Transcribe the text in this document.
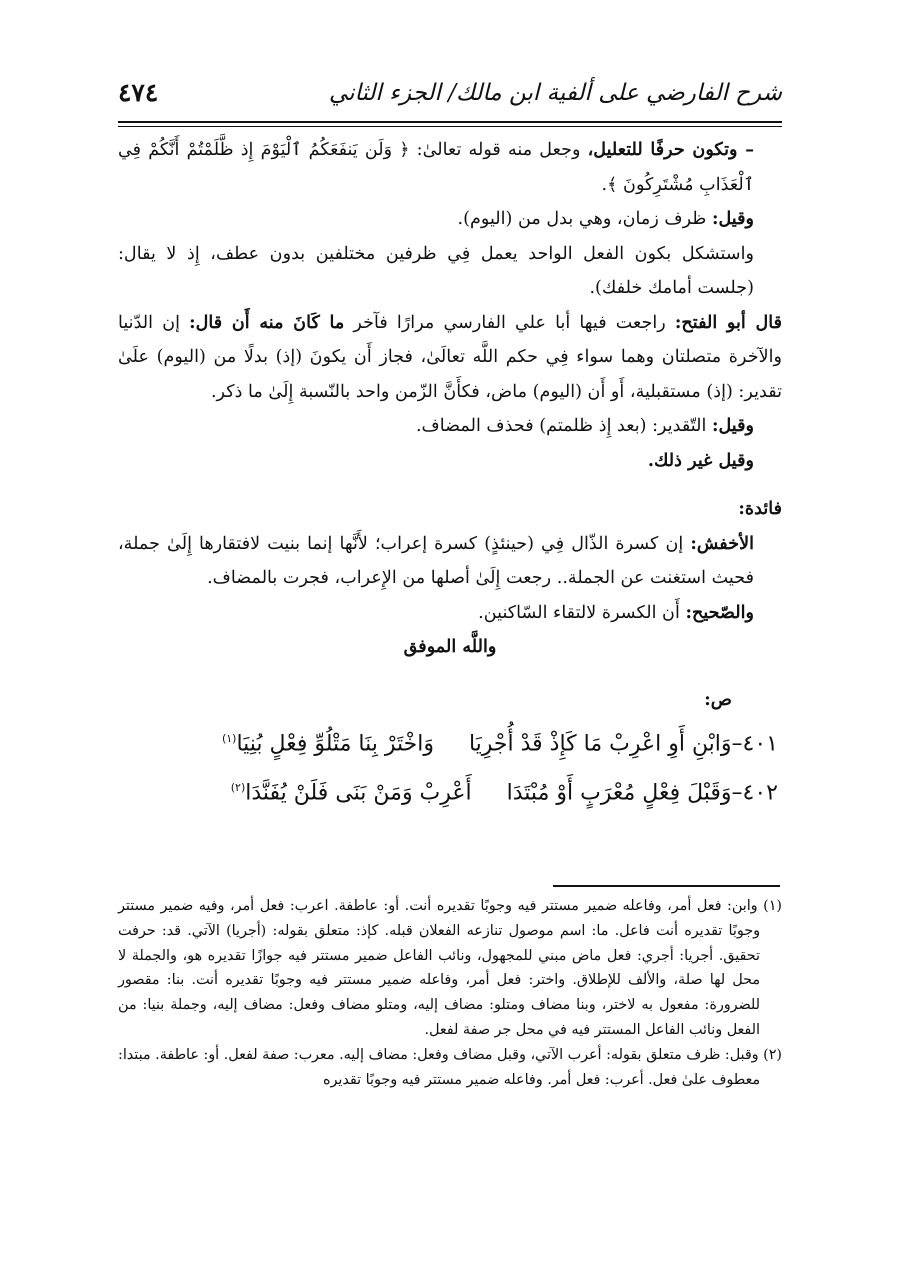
شرح الفارضي على ألفية ابن مالك/ الجزء الثاني
٤٧٤

– وتكون حرفًا للتعليل، وجعل منه قوله تعالىٰ: ﴿ وَلَن يَنفَعَكُمُ ٱلْيَوْمَ إِذ ظَّلَمْتُمْ أَنَّكُمْ فِي ٱلْعَذَابِ مُشْتَرِكُونَ ﴾.

وقيل: ظرف زمان، وهي بدل من (اليوم).

واستشكل بكون الفعل الواحد يعمل فِي ظرفين مختلفين بدون عطف، إِذ لا يقال: (جلست أمامك خلفك).

قال أبو الفتح: راجعت فيها أبا علي الفارسي مرارًا فآخر ما كَانَ منه أَن قال: إن الدّنيا والآخرة متصلتان وهما سواء فِي حكم اللَّه تعالَىٰ، فجاز أَن يكونَ (إذ) بدلًا من (اليوم) علَىٰ تقدير: (إذ) مستقبلية، أَو أَن (اليوم) ماض، فكأَنَّ الزّمن واحد بالنّسبة إِلَىٰ ما ذكر.

وقيل: التّقدير: (بعد إِذ ظلمتم) فحذف المضاف.

وقيل غير ذلك.

فائدة:

الأخفش: إن كسرة الذّال فِي (حينئذٍ) كسرة إعراب؛ لأَنَّها إنما بنيت لافتقارها إِلَىٰ جملة، فحيث استغنت عن الجملة.. رجعت إِلَىٰ أصلها من الإِعراب، فجرت بالمضاف.

والصّحيح: أَن الكسرة لالتقاء السّاكنين.

واللَّه الموفق

ص:

٤٠١–وَابْنِ أَوِ اعْرِبْ مَا كَإِذْ قَدْ أُجْرِيَا     وَاخْتَرْ بِنَا مَتْلُوِّ فِعْلٍ بُنِيَا$^{(١)}$

٤٠٢–وَقَبْلَ فِعْلٍ مُعْرَبٍ أَوْ مُبْتَدَا     أَعْرِبْ وَمَنْ بَنَى فَلَنْ يُفَنَّدَا$^{(٢)}$

(١) وابن: فعل أمر، وفاعله ضمير مستتر فيه وجوبًا تقديره أنت. أو: عاطفة. اعرب: فعل أمر، وفيه ضمير مستتر وجوبًا تقديره أنت فاعل. ما: اسم موصول تنازعه الفعلان قبله. كإذ: متعلق بقوله: (أجريا) الآتي. قد: حرفت تحقيق. أجريا: أجري: فعل ماض مبني للمجهول، ونائب الفاعل ضمير مستتر فيه جوازًا تقديره هو، والجملة لا محل لها صلة، والألف للإطلاق. واختر: فعل أمر، وفاعله ضمير مستتر فيه وجوبًا تقديره أنت. بنا: مقصور للضرورة: مفعول به لاختر، وبنا مضاف ومتلو: مضاف إليه، ومتلو مضاف وفعل: مضاف إليه، وجملة بنيا: من الفعل ونائب الفاعل المستتر فيه في محل جر صفة لفعل.

(٢) وقبل: ظرف متعلق بقوله: أعرب الآتي، وقبل مضاف وفعل: مضاف إليه. معرب: صفة لفعل. أو: عاطفة. مبتدا: معطوف علىٰ فعل. أعرب: فعل أمر. وفاعله ضمير مستتر فيه وجوبًا تقديره
